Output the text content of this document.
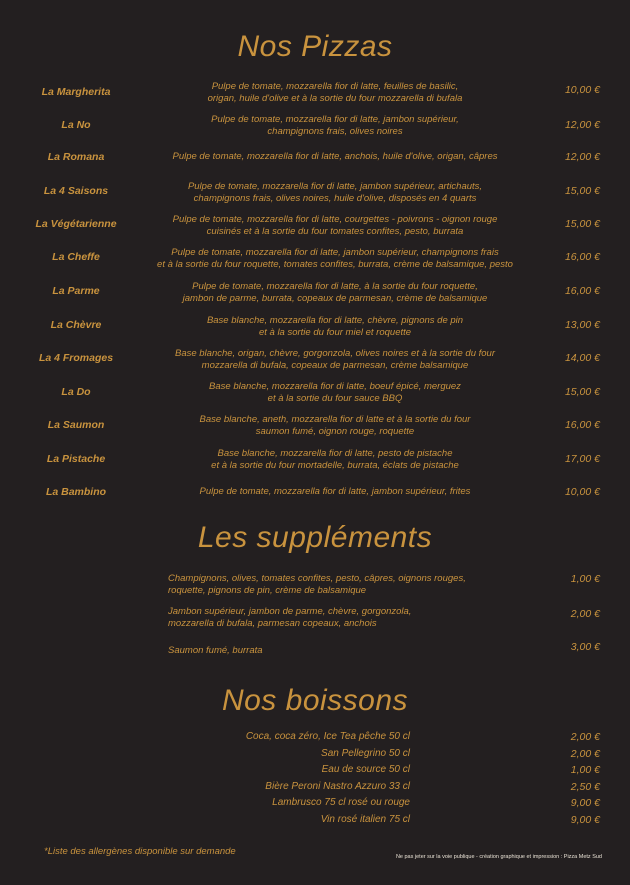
Nos Pizzas
La Margherita	Pulpe de tomate, mozzarella fior di latte, feuilles de basilic,
origan, huile d'olive et à la sortie du four mozzarella di bufala
10,00 €
La No	Pulpe de tomate, mozzarella fior di latte, jambon supérieur,
champignons frais, olives noires
12,00 €
La Romana	Pulpe de tomate, mozzarella fior di latte, anchois, huile d'olive, origan, câpres	12,00 €
La 4 Saisons	Pulpe de tomate, mozzarella fior di latte, jambon supérieur, artichauts,
champignons frais, olives noires, huile d'olive, disposés en 4 quarts
15,00 €
La Végétarienne	Pulpe de tomate, mozzarella fior di latte, courgettes - poivrons - oignon rouge
cuisinés et à la sortie du four tomates confites, pesto, burrata
15,00 €
La Cheffe	Pulpe de tomate, mozzarella fior di latte, jambon supérieur, champignons frais
et à la sortie du four roquette, tomates confites, burrata, crème de balsamique, pesto
16,00 €
La Parme	Pulpe de tomate, mozzarella fior di latte, à la sortie du four roquette,
jambon de parme, burrata, copeaux de parmesan, crème de balsamique
16,00 €
La Chèvre	Base blanche, mozzarella fior di latte, chèvre, pignons de pin
et à la sortie du four miel et roquette
13,00 €
La 4 Fromages	Base blanche, origan, chèvre, gorgonzola, olives noires et à la sortie du four
mozzarella di bufala, copeaux de parmesan, crème balsamique
14,00 €
La Do	Base blanche, mozzarella fior di latte, boeuf épicé, merguez
et à la sortie du four sauce BBQ
15,00 €
La Saumon	Base blanche, aneth, mozzarella fior di latte et à la sortie du four
saumon fumé, oignon rouge, roquette
16,00 €
La Pistache	Base blanche, mozzarella fior di latte, pesto de pistache
et à la sortie du four mortadelle, burrata, éclats de pistache
17,00 €
La Bambino	Pulpe de tomate, mozzarella fior di latte, jambon supérieur, frites	10,00 €
Les suppléments
Champignons, olives, tomates confites, pesto, câpres, oignons rouges,
roquette, pignons de pin, crème de balsamique
1,00 €
Jambon supérieur, jambon de parme, chèvre, gorgonzola,
mozzarella di bufala, parmesan copeaux, anchois
2,00 €
Saumon fumé, burrata	3,00 €
Nos boissons
Coca, coca zéro, Ice Tea pêche 50 cl	2,00 €
San Pellegrino 50 cl	2,00 €
Eau de source 50 cl	1,00 €
Bière Peroni Nastro Azzuro 33 cl	2,50 €
Lambrusco 75 cl rosé ou rouge	9,00 €
Vin rosé italien 75 cl	9,00 €
*Liste des allergènes disponible sur demande	Ne pas jeter sur la voie publique - création graphique et impression : Pizza Metz Sud
